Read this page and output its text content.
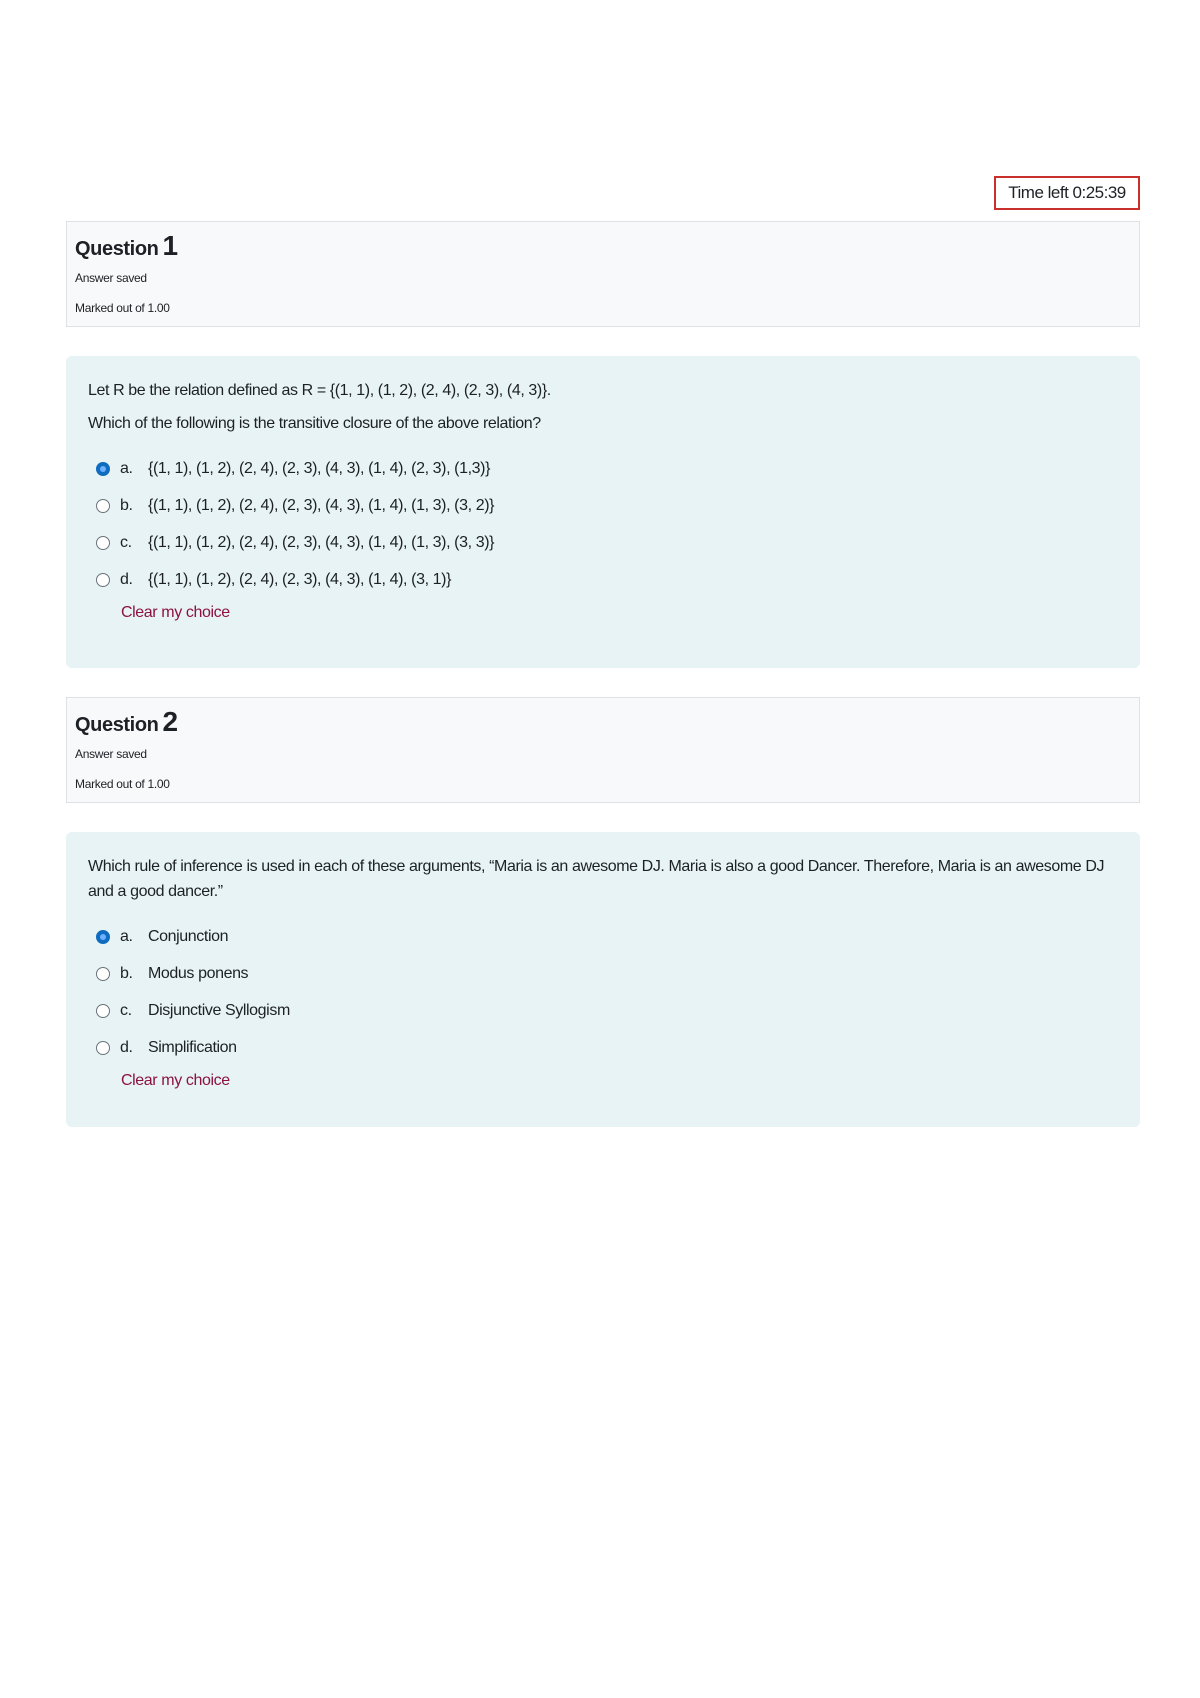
Time left 0:25:39
Question 1
Answer saved
Marked out of 1.00

Let R be the relation defined as R = {(1, 1), (1, 2), (2, 4), (2, 3), (4, 3)}.

Which of the following is the transitive closure of the above relation?

a. {(1, 1), (1, 2), (2, 4), (2, 3), (4, 3), (1, 4), (2, 3), (1,3)}
b. {(1, 1), (1, 2), (2, 4), (2, 3), (4, 3), (1, 4), (1, 3), (3, 2)}
c.	{(1, 1), (1, 2), (2, 4), (2, 3), (4, 3), (1, 4), (1, 3), (3, 3)}
d. {(1, 1), (1, 2), (2, 4), (2, 3), (4, 3), (1, 4), (3, 1)}
Clear my choice
Question 2
Answer saved
Marked out of 1.00

Which rule of inference is used in each of these arguments, “Maria is an awesome DJ. Maria is also a good Dancer. Therefore, Maria is an awesome DJ and a good dancer.”

a. Conjunction
b. Modus ponens
c.	Disjunctive Syllogism
d. Simplification
Clear my choice
